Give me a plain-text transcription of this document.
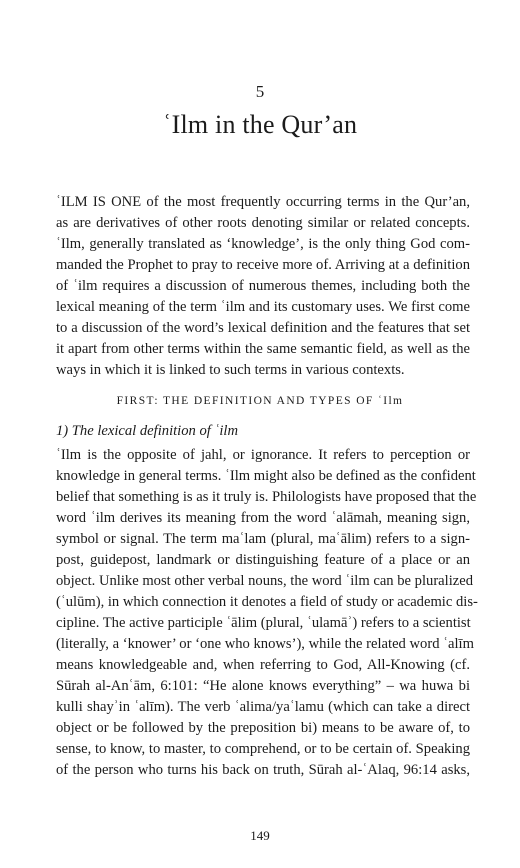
5
ʿIlm in the Qur’an
ʿILM IS ONE of the most frequently occurring terms in the Qur’an,
as are derivatives of other roots denoting similar or related concepts.
ʿIlm, generally translated as ‘knowledge’, is the only thing God com-
manded the Prophet to pray to receive more of. Arriving at a definition
of ʿilm requires a discussion of numerous themes, including both the
lexical meaning of the term ʿilm and its customary uses. We first come
to a discussion of the word’s lexical definition and the features that set
it apart from other terms within the same semantic field, as well as the
ways in which it is linked to such terms in various contexts.
FIRST: THE DEFINITION AND TYPES OF ʿIlm
1) The lexical definition of ʿilm
ʿIlm is the opposite of jahl, or ignorance. It refers to perception or
knowledge in general terms. ʿIlm might also be defined as the confident
belief that something is as it truly is. Philologists have proposed that the
word ʿilm derives its meaning from the word ʿalāmah, meaning sign,
symbol or signal. The term maʿlam (plural, maʿālim) refers to a sign-
post, guidepost, landmark or distinguishing feature of a place or an
object. Unlike most other verbal nouns, the word ʿilm can be pluralized
(ʿulūm), in which connection it denotes a field of study or academic dis-
cipline. The active participle ʿālim (plural, ʿulamāʾ) refers to a scientist
(literally, a ‘knower’ or ‘one who knows’), while the related word ʿalīm
means knowledgeable and, when referring to God, All-Knowing (cf.
Sūrah al-Anʿām, 6:101: “He alone knows everything” – wa huwa bi
kulli shayʾin ʿalīm). The verb ʿalima/yaʿlamu (which can take a direct
object or be followed by the preposition bi) means to be aware of, to
sense, to know, to master, to comprehend, or to be certain of. Speaking
of the person who turns his back on truth, Sūrah al-ʿAlaq, 96:14 asks,
149
